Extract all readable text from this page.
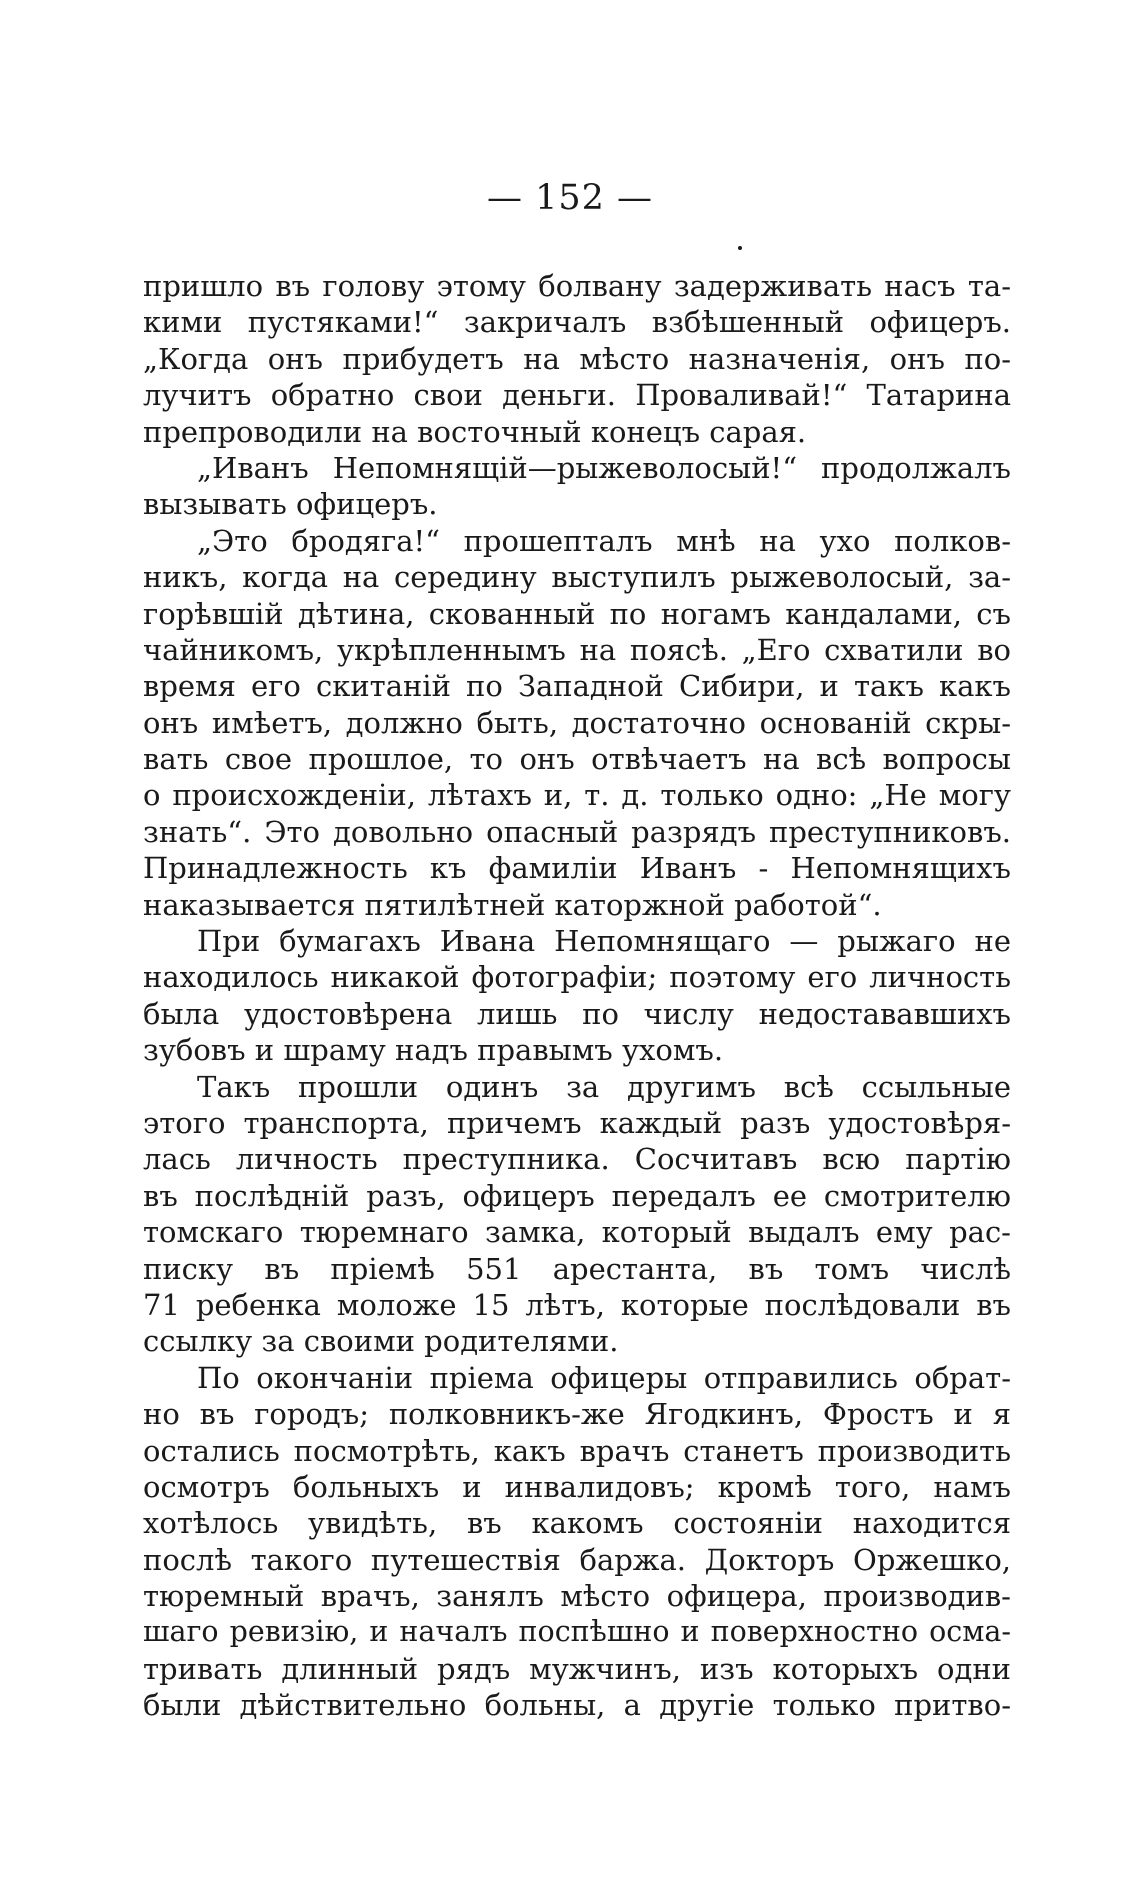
— 152 —
пришло въ голову этому болвану задерживать насъ та-
кими пустяками!“ закричалъ взбѣшенный офицеръ.
„Когда онъ прибудетъ на мѣсто назначенія, онъ по-
лучитъ обратно свои деньги. Проваливай!“ Татарина
препроводили на восточный конецъ сарая.
„Иванъ Непомнящій—рыжеволосый!“ продолжалъ
вызывать офицеръ.
„Это бродяга!“ прошепталъ мнѣ на ухо полков-
никъ, когда на середину выступилъ рыжеволосый, за-
горѣвшій дѣтина, скованный по ногамъ кандалами, съ
чайникомъ, укрѣпленнымъ на поясѣ. „Его схватили во
время его скитаній по Западной Сибири, и такъ какъ
онъ имѣетъ, должно быть, достаточно основаній скры-
вать свое прошлое, то онъ отвѣчаетъ на всѣ вопросы
о происхожденіи, лѣтахъ и, т. д. только одно: „Не могу
знать“. Это довольно опасный разрядъ преступниковъ.
Принадлежность къ фамиліи Иванъ - Непомнящихъ
наказывается пятилѣтней каторжной работой“.
При бумагахъ Ивана Непомнящаго — рыжаго не
находилось никакой фотографіи; поэтому его личность
была удостовѣрена лишь по числу недостававшихъ
зубовъ и шраму надъ правымъ ухомъ.
Такъ прошли одинъ за другимъ всѣ ссыльные
этого транспорта, причемъ каждый разъ удостовѣря-
лась личность преступника. Сосчитавъ всю партію
въ послѣдній разъ, офицеръ передалъ ее смотрителю
томскаго тюремнаго замка, который выдалъ ему рас-
писку въ пріемѣ 551 арестанта, въ томъ числѣ
71 ребенка моложе 15 лѣтъ, которые послѣдовали въ
ссылку за своими родителями.
По окончаніи пріема офицеры отправились обрат-
но въ городъ; полковникъ-же Ягодкинъ, Фростъ и я
остались посмотрѣть, какъ врачъ станетъ производить
осмотръ больныхъ и инвалидовъ; кромѣ того, намъ
хотѣлось увидѣть, въ какомъ состояніи находится
послѣ такого путешествія баржа. Докторъ Оржешко,
тюремный врачъ, занялъ мѣсто офицера, производив-
шаго ревизію, и началъ поспѣшно и поверхностно осма-
тривать длинный рядъ мужчинъ, изъ которыхъ одни
были дѣйствительно больны, а другіе только притво-
